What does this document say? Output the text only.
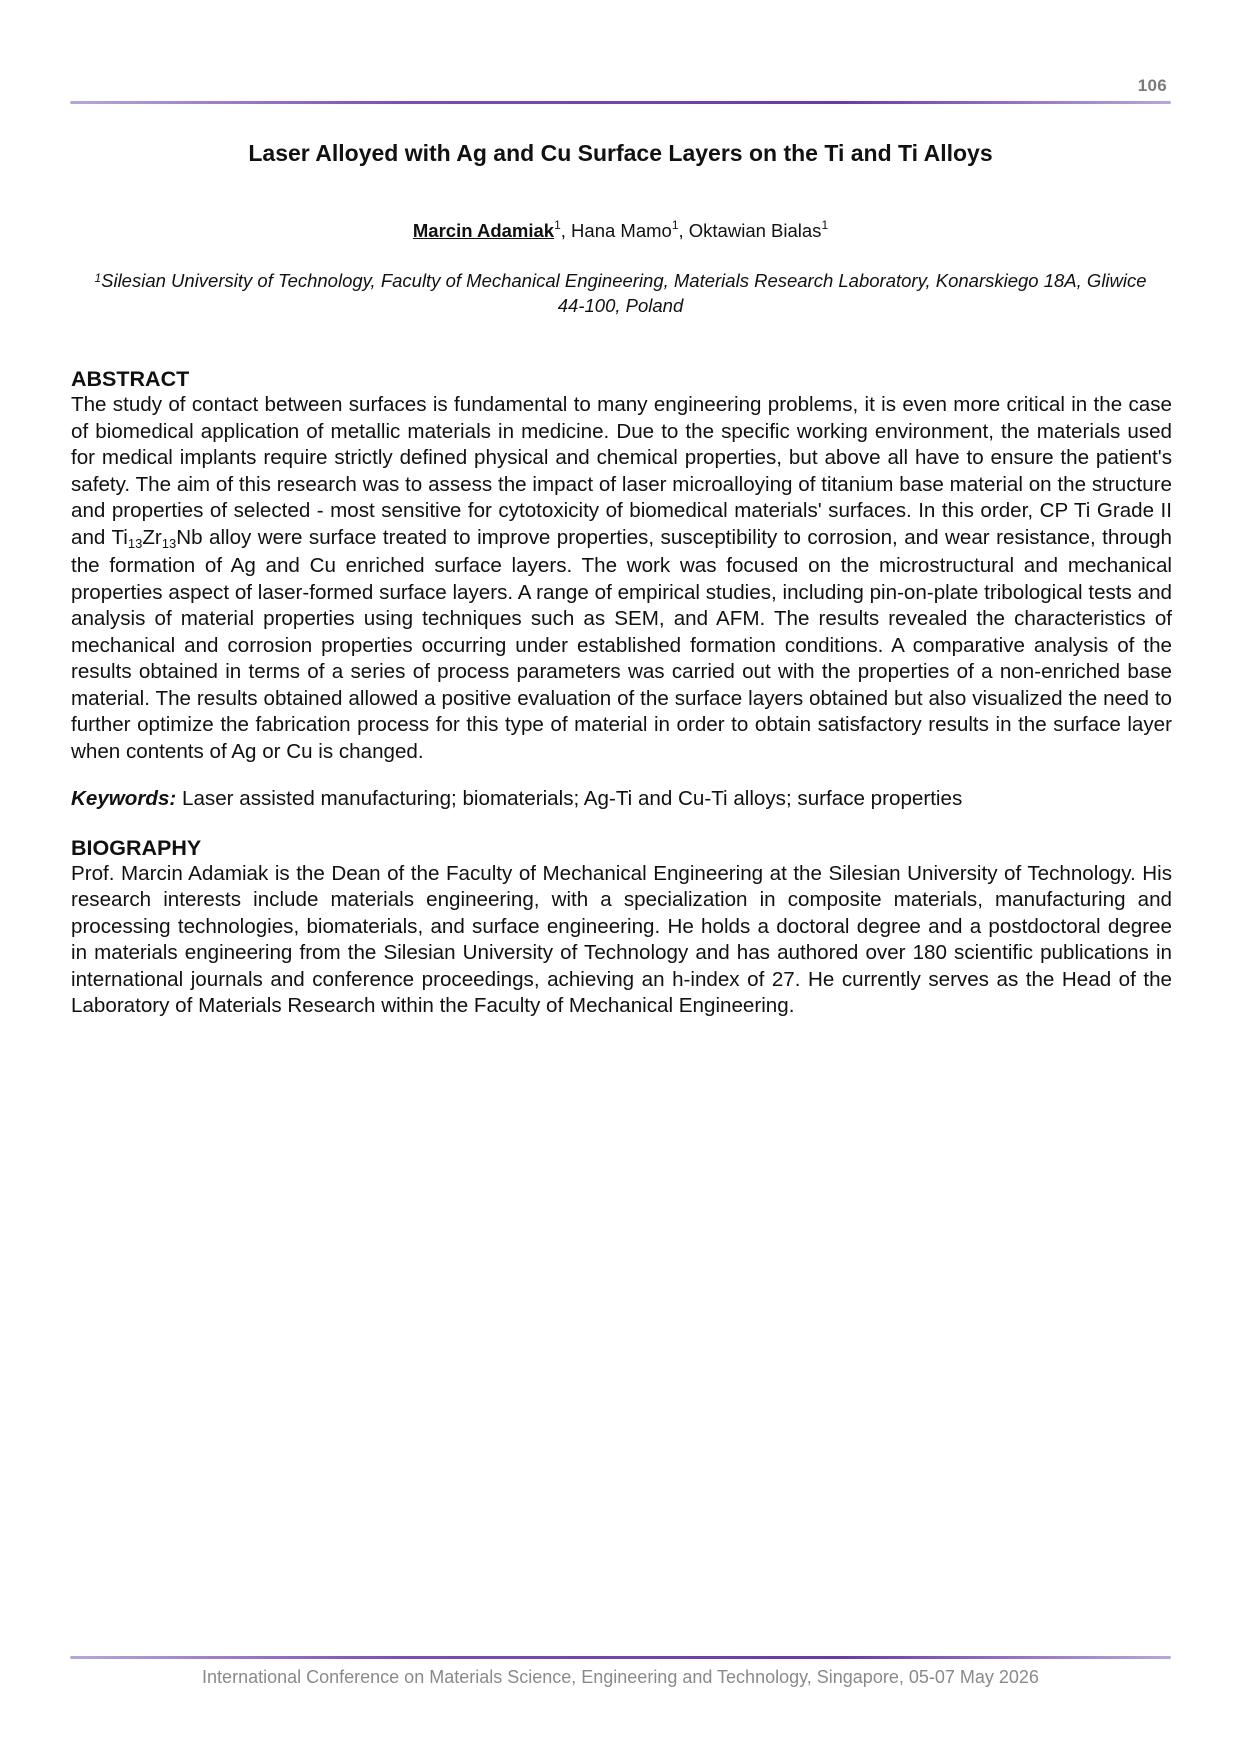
106
Laser Alloyed with Ag and Cu Surface Layers on the Ti and Ti Alloys
Marcin Adamiak$^1$, Hana Mamo$^1$, Oktawian Bialas$^1$
$^1$Silesian University of Technology, Faculty of Mechanical Engineering, Materials Research Laboratory, Konarskiego 18A, Gliwice 44-100, Poland
ABSTRACT

The study of contact between surfaces is fundamental to many engineering problems, it is even more critical in the case of biomedical application of metallic materials in medicine. Due to the specific working environment, the materials used for medical implants require strictly defined physical and chemical properties, but above all have to ensure the patient's safety. The aim of this research was to assess the impact of laser microalloying of titanium base material on the structure and properties of selected - most sensitive for cytotoxicity of biomedical materials' surfaces. In this order, CP Ti Grade II and $Ti_{13}Zr_{13}Nb$ alloy were surface treated to improve properties, susceptibility to corrosion, and wear resistance, through the formation of Ag and Cu enriched surface layers. The work was focused on the microstructural and mechanical properties aspect of laser-formed surface layers. A range of empirical studies, including pin-on-plate tribological tests and analysis of material properties using techniques such as SEM, and AFM. The results revealed the characteristics of mechanical and corrosion properties occurring under established formation conditions. A comparative analysis of the results obtained in terms of a series of process parameters was carried out with the properties of a non-enriched base material. The results obtained allowed a positive evaluation of the surface layers obtained but also visualized the need to further optimize the fabrication process for this type of material in order to obtain satisfactory results in the surface layer when contents of Ag or Cu is changed.

Keywords: Laser assisted manufacturing; biomaterials; Ag-Ti and Cu-Ti alloys; surface properties

BIOGRAPHY

Prof. Marcin Adamiak is the Dean of the Faculty of Mechanical Engineering at the Silesian University of Technology. His research interests include materials engineering, with a specialization in composite materials, manufacturing and processing technologies, biomaterials, and surface engineering. He holds a doctoral degree and a postdoctoral degree in materials engineering from the Silesian University of Technology and has authored over 180 scientific publications in international journals and conference proceedings, achieving an h-index of 27. He currently serves as the Head of the Laboratory of Materials Research within the Faculty of Mechanical Engineering.

International Conference on Materials Science, Engineering and Technology, Singapore, 05-07 May 2026
